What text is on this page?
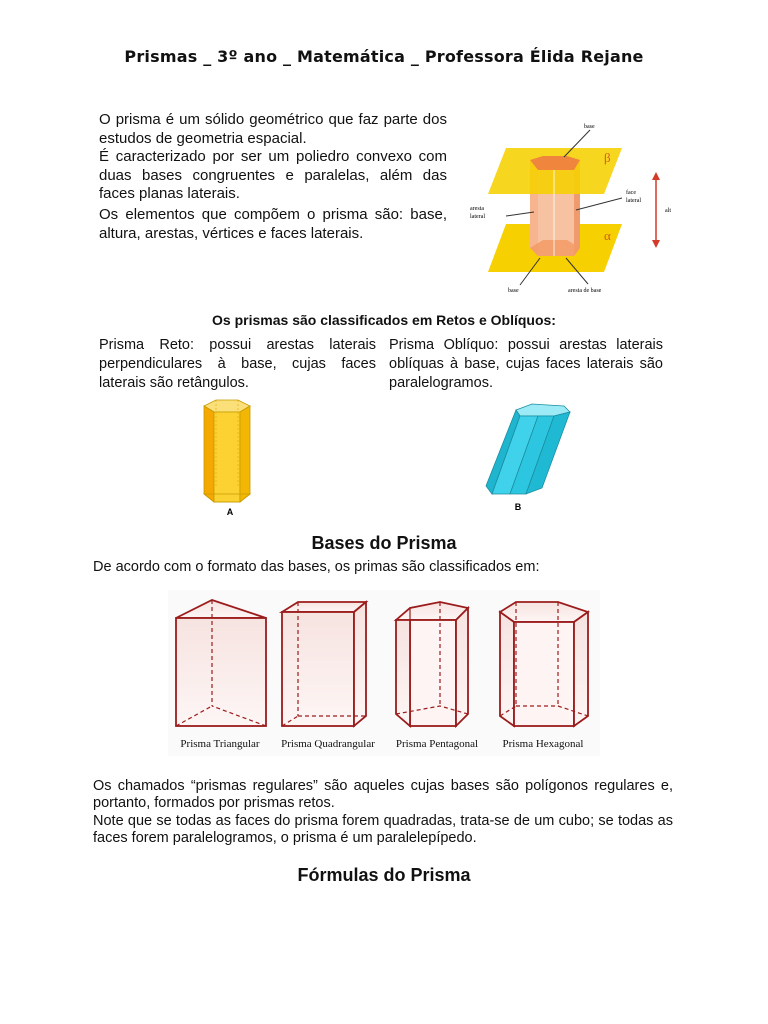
Prismas _ 3º ano _ Matemática _ Professora Élida Rejane

O prisma é um sólido geométrico que faz parte dos estudos de geometria espacial.

É caracterizado por ser um poliedro convexo com duas bases congruentes e paralelas, além das faces planas laterais.

Os elementos que compõem o prisma são: base, altura, arestas, vértices e faces laterais.

base
β
α
face
lateral
aresta
lateral
alt
base	aresta de base
Os prismas são classificados em Retos e Oblíquos:
Prisma Reto: possui arestas laterais perpendiculares à base, cujas faces laterais são retângulos.
Prisma Oblíquo: possui arestas laterais oblíquas à base, cujas faces laterais são paralelogramos.
A	B
Bases do Prisma
De acordo com o formato das bases, os primas são classificados em:
Prisma Triangular Prisma Quadrangular Prisma Pentagonal Prisma Hexagonal

Os chamados “prismas regulares” são aqueles cujas bases são polígonos regulares e, portanto, formados por prismas retos.

Note que se todas as faces do prisma forem quadradas, trata-se de um cubo; se todas as faces forem paralelogramos, o prisma é um paralelepípedo.

Fórmulas do Prisma
